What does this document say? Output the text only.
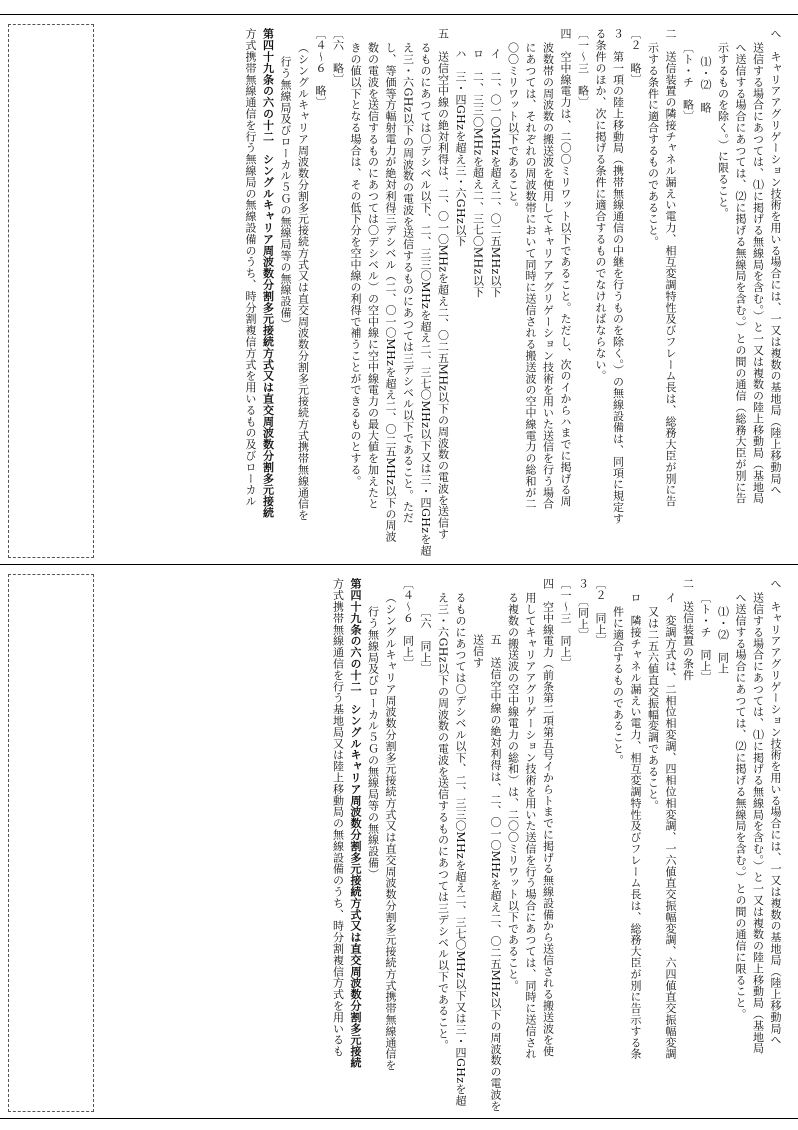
へ　キャリアアグリゲーション技術を用いる場合には、一又は複数の基地局（陸上移動局へ
送信する場合にあつては、⑴に掲げる無線局を含む。）と一又は複数の陸上移動局（基地局
へ送信する場合にあつては、⑵に掲げる無線局を含む。）との間の通信（総務大臣が別に告
示するものを除く。）に限ること。
⑴・⑵　略
〔ト・チ　略〕
二　送信装置の隣接チャネル漏えい電力、相互変調特性及びフレーム長は、総務大臣が別に告
示する条件に適合するものであること。
〔２　略〕
３　第一項の陸上移動局（携帯無線通信の中継を行うものを除く。）の無線設備は、同項に規定す
る条件のほか、次に掲げる条件に適合するものでなければならない。
〔一～三　略〕
四　空中線電力は、二〇〇ミリワット以下であること。ただし、次のイからハまでに掲げる周
波数帯の周波数の搬送波を使用してキャリアアグリゲーション技術を用いた送信を行う場合
にあつては、それぞれの周波数帯において同時に送信される搬送波の空中線電力の総和が二
〇〇ミリワット以下であること。
イ　二、〇一〇MHzを超え二、〇二五MHz以下
ロ　二、三三〇MHzを超え二、三七〇MHz以下
ハ　三・四GHzを超え三・六GHz以下
五　送信空中線の絶対利得は、二、〇一〇MHzを超え二、〇二五MHz以下の周波数の電波を送信す
るものにあつては〇デシベル以下、二、三三〇MHzを超え二、三七〇MHz以下又は三・四GHzを超
え三・六GHz以下の周波数の電波を送信するものにあつては三デシベル以下であること。ただ
し、等価等方輻射電力が絶対利得三デシベル（二、〇一〇MHzを超え二、〇二五MHz以下の周波
数の電波を送信するものにあつては〇デシベル）の空中線に空中線電力の最大値を加えたと
きの値以下となる場合は、その低下分を空中線の利得で補うことができるものとする。
〔六　略〕
〔４～６　略〕
（シングルキャリア周波数分割多元接続方式又は直交周波数分割多元接続方式携帯無線通信を
行う無線局及びローカル５Ｇの無線局等の無線設備）
第四十九条の六の十二　シングルキャリア周波数分割多元接続方式又は直交周波数分割多元接続
方式携帯無線通信を行う無線局の無線設備のうち、時分割複信方式を用いるもの及びローカル
へ　キャリアアグリゲーション技術を用いる場合には、一又は複数の基地局（陸上移動局へ
送信する場合にあつては、⑴に掲げる無線局を含む。）と一又は複数の陸上移動局（基地局
へ送信する場合にあつては、⑵に掲げる無線局を含む。）との間の通信に限ること。
⑴・⑵　同上
〔ト・チ　同上〕
二　送信装置の条件
イ　変調方式は、二相位相変調、四相位相変調、一六値直交振幅変調、六四値直交振幅変調
又は二五六値直交振幅変調であること。
ロ　隣接チャネル漏えい電力、相互変調特性及びフレーム長は、総務大臣が別に告示する条
件に適合するものであること。
〔２　同上〕
３　〔同上〕
〔一～三　同上〕
四　空中線電力（前条第二項第五号イからトまでに掲げる無線設備から送信される搬送波を使
用してキャリアアグリゲーション技術を用いた送信を行う場合にあつては、同時に送信され
る複数の搬送波の空中線電力の総和）は、二〇〇ミリワット以下であること。
五　送信空中線の絶対利得は、二、〇一〇MHzを超え二、〇二五MHz以下の周波数の電波を送信す
るものにあつては〇デシベル以下、二、三三〇MHzを超え二、三七〇MHz以下又は三・四GHzを超
え三・六GHz以下の周波数の電波を送信するものにあつては三デシベル以下であること。
〔六　同上〕
〔４～６　同上〕
（シングルキャリア周波数分割多元接続方式又は直交周波数分割多元接続方式携帯無線通信を
行う無線局及びローカル５Ｇの無線局等の無線設備）
第四十九条の六の十二　シングルキャリア周波数分割多元接続方式又は直交周波数分割多元接続
方式携帯無線通信を行う基地局又は陸上移動局の無線設備のうち、時分割複信方式を用いるも
